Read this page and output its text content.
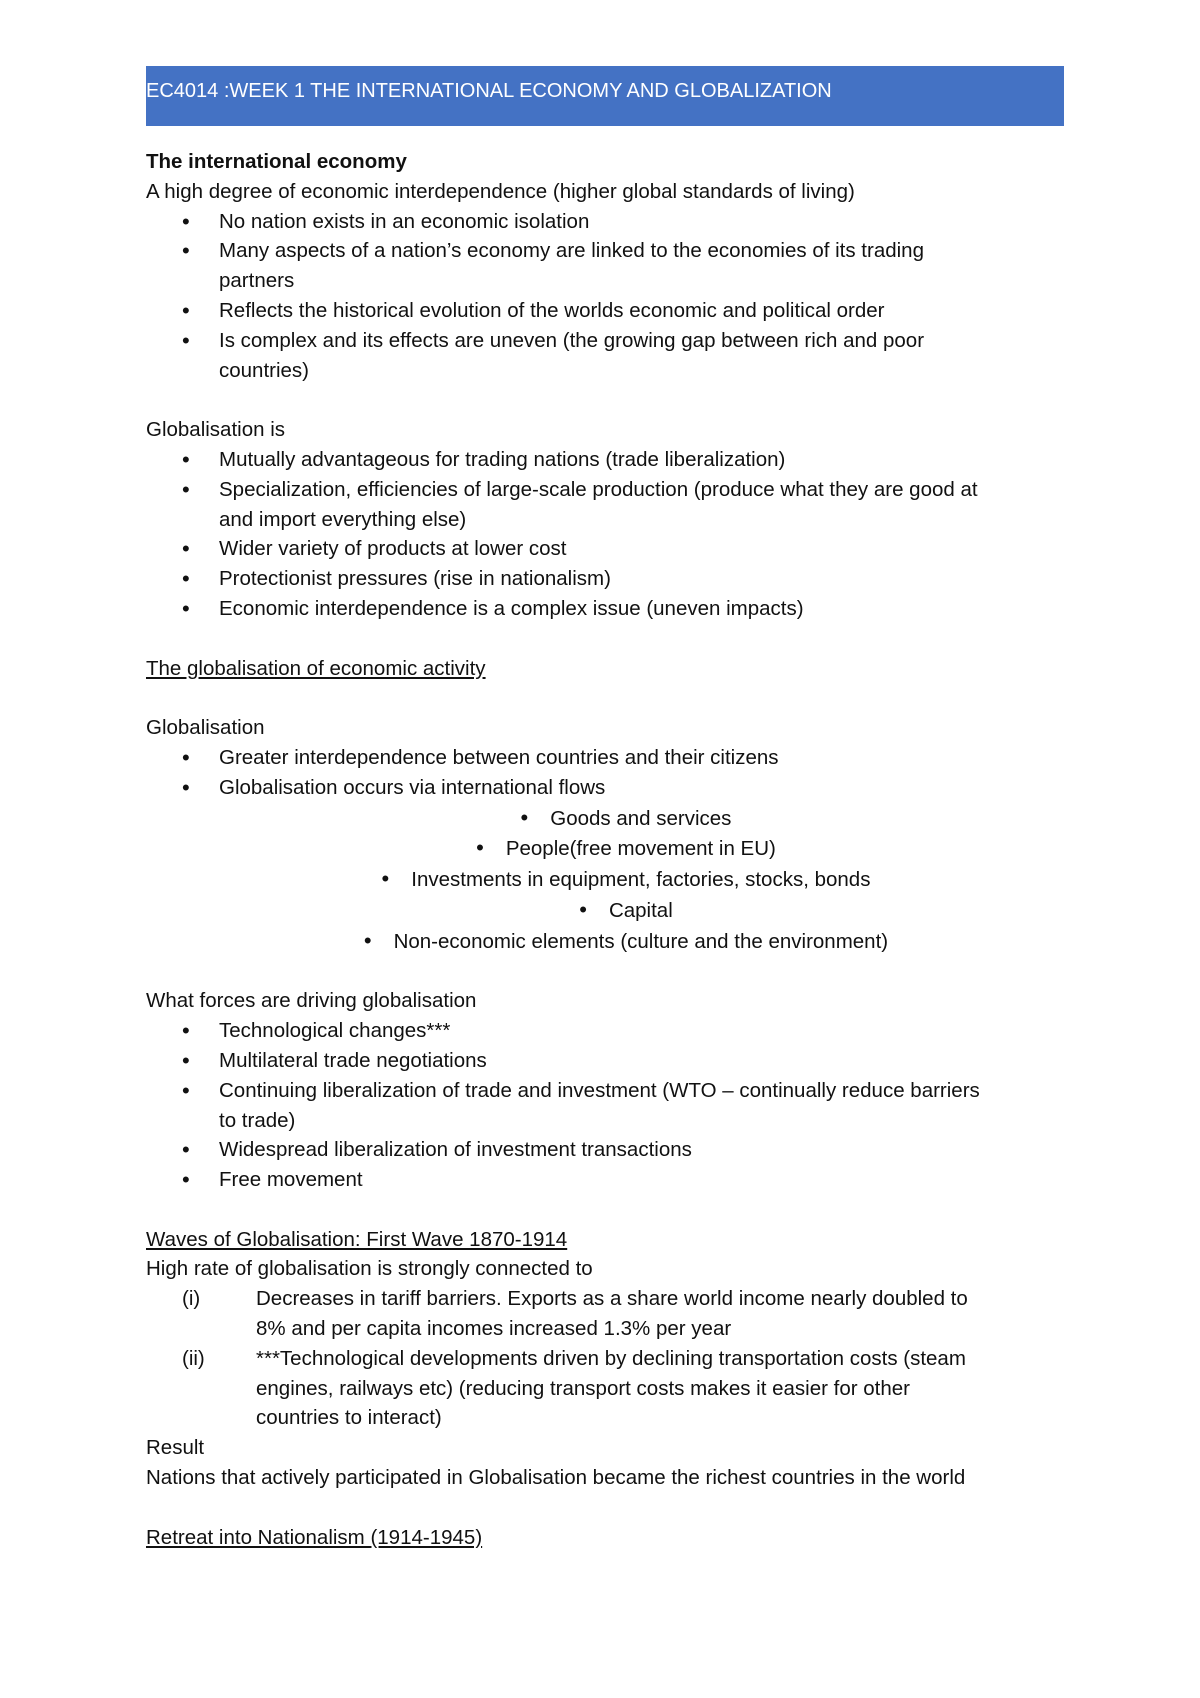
EC4014 :WEEK 1 THE INTERNATIONAL ECONOMY AND GLOBALIZATION
The international economy
A high degree of economic interdependence (higher global standards of living)
• No nation exists in an economic isolation
• Many aspects of a nation’s economy are linked to the economies of its trading
partners
• Reflects the historical evolution of the worlds economic and political order
• Is complex and its effects are uneven (the growing gap between rich and poor
countries)
Globalisation is
• Mutually advantageous for trading nations (trade liberalization)
• Specialization, efficiencies of large-scale production (produce what they are good at
and import everything else)
• Wider variety of products at lower cost
• Protectionist pressures (rise in nationalism)
• Economic interdependence is a complex issue (uneven impacts)
The globalisation of economic activity
Globalisation
• Greater interdependence between countries and their citizens
• Globalisation occurs via international flows
• Goods and services
• People(free movement in EU)
• Investments in equipment, factories, stocks, bonds
• Capital
• Non-economic elements (culture and the environment)
What forces are driving globalisation
• Technological changes***
• Multilateral trade negotiations
• Continuing liberalization of trade and investment (WTO – continually reduce barriers
to trade)
• Widespread liberalization of investment transactions
• Free movement
Waves of Globalisation: First Wave 1870-1914
High rate of globalisation is strongly connected to
(i)	Decreases in tariff barriers. Exports as a share world income nearly doubled to
8% and per capita incomes increased 1.3% per year
(ii) ***Technological developments driven by declining transportation costs (steam
engines, railways etc) (reducing transport costs makes it easier for other
countries to interact)
Result
Nations that actively participated in Globalisation became the richest countries in the world
Retreat into Nationalism (1914-1945)
